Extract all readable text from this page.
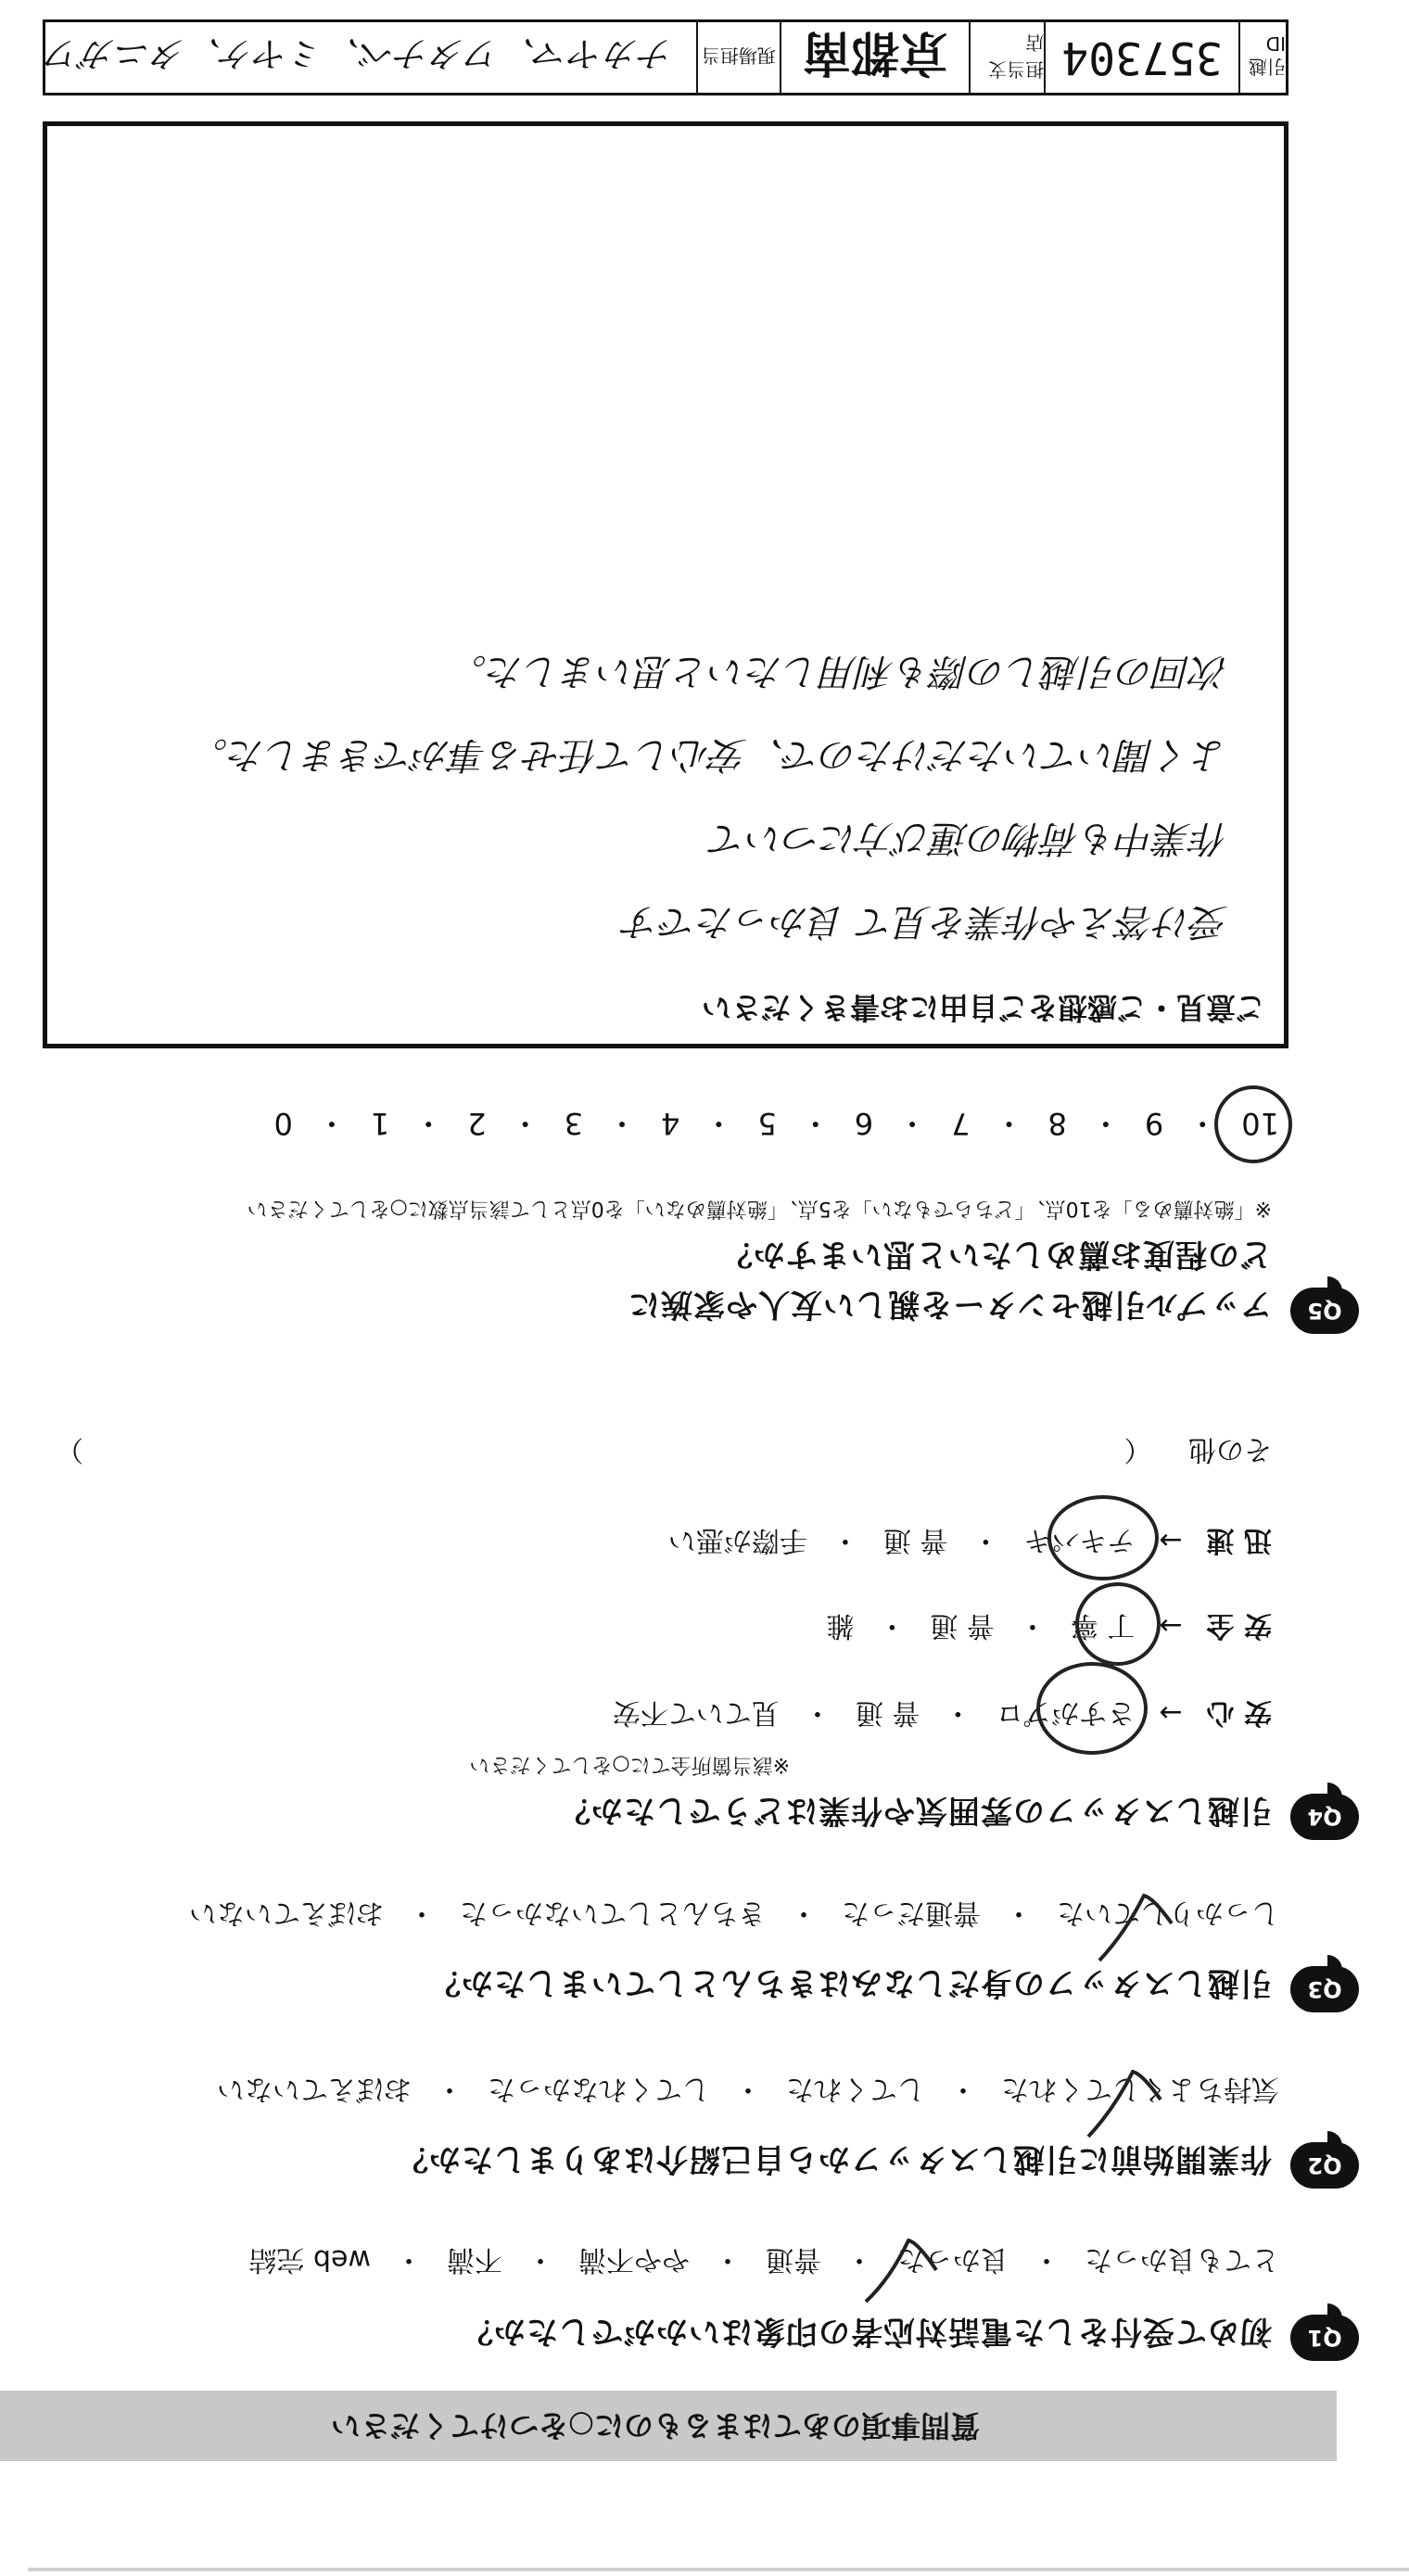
質問事項のあてはまるものに○をつけてください
Q1
初めて受付をした電話対応者の印象はいかがでしたか？
とても良かった・良かった・普通・やや不満・不満・web 完結
Q2
作業開始前に引越しスタッフから自己紹介はありましたか？
気持ちよくしてくれた・してくれた・してくれなかった・おぼえていない
Q3
引越しスタッフの身だしなみはきちんとしていましたか？
しっかりしていた・普通だった・きちんとしていなかった・おぼえていない
Q4
引越しスタッフの雰囲気や作業はどうでしたか？
※該当箇所全てに○をしてください
安 心→さすがプロ・普 通・見ていて不安
安 全→丁 寧・普 通・雑
迅 速→テキパキ・普 通・手際が悪い
その他 （
）
Q5
アップル引越センターを親しい友人や家族に
どの程度お薦めしたいと思いますか？
※「絶対薦める」を10点、「どちらでもない」を5点、「絶対薦めない」を0点として該当点数に○をしてください
10・9・8・7・6・5・4・3・2・1・0
ご意見・ご感想をご自由にお書きください
受け答えや作業を見て 良かったです
作業中も荷物の運び方について
よく聞いていただけたので、安心して任せる事ができました。
次回の引越しの際も利用したいと思いました。
引越ID
357304
担当支店
京都南
現場担当
ナカヤマ、ワタナベ、ミヤケ、タニガワ
